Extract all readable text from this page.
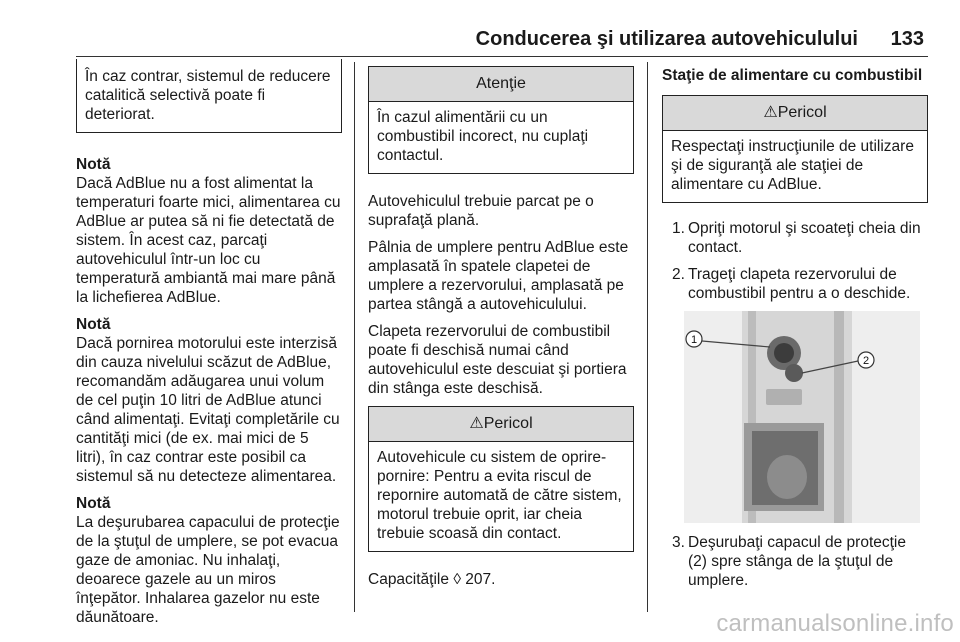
Conducerea şi utilizarea autovehiculului 133
În caz contrar, sistemul de reducere catalitică selectivă poate fi deteriorat.

Notă
Dacă AdBlue nu a fost alimentat la temperaturi foarte mici, alimentarea cu AdBlue ar putea să ni fie detectată de sistem. În acest caz, parcaţi autovehiculul într-un loc cu temperatură ambiantă mai mare până la lichefierea AdBlue.

Notă
Dacă pornirea motorului este interzisă din cauza nivelului scăzut de AdBlue, recomandăm adăugarea unui volum de cel puţin 10 litri de AdBlue atunci când alimentaţi. Evitaţi completările cu cantităţi mici (de ex. mai mici de 5 litri), în caz contrar este posibil ca sistemul să nu detecteze alimentarea.

Notă
La deşurubarea capacului de protecţie de la ştuţul de umplere, se pot evacua gaze de amoniac. Nu inhalaţi, deoarece gazele au un miros înţepător. Inhalarea gazelor nu este dăunătoare.

Atenţie
În cazul alimentării cu un combustibil incorect, nu cuplaţi contactul.

Autovehiculul trebuie parcat pe o suprafaţă plană.

Pâlnia de umplere pentru AdBlue este amplasată în spatele clapetei de umplere a rezervorului, amplasată pe partea stângă a autovehiculului.

Clapeta rezervorului de combustibil poate fi deschisă numai când autovehiculul este descuiat şi portiera din stânga este deschisă.

⚠Pericol
Autovehicule cu sistem de oprire-pornire: Pentru a evita riscul de repornire automată de către sistem, motorul trebuie oprit, iar cheia trebuie scoasă din contact.

Capacităţile ◊ 207.

Staţie de alimentare cu combustibil
⚠Pericol
Respectaţi instrucţiunile de utilizare şi de siguranţă ale staţiei de alimentare cu AdBlue.
1. Opriţi motorul şi scoateţi cheia din contact.
2. Trageţi clapeta rezervorului de combustibil pentru a o deschide.
1
2
3. Deşurubaţi capacul de protecţie (2) spre stânga de la ştuţul de umplere.
carmanualsonline.info
